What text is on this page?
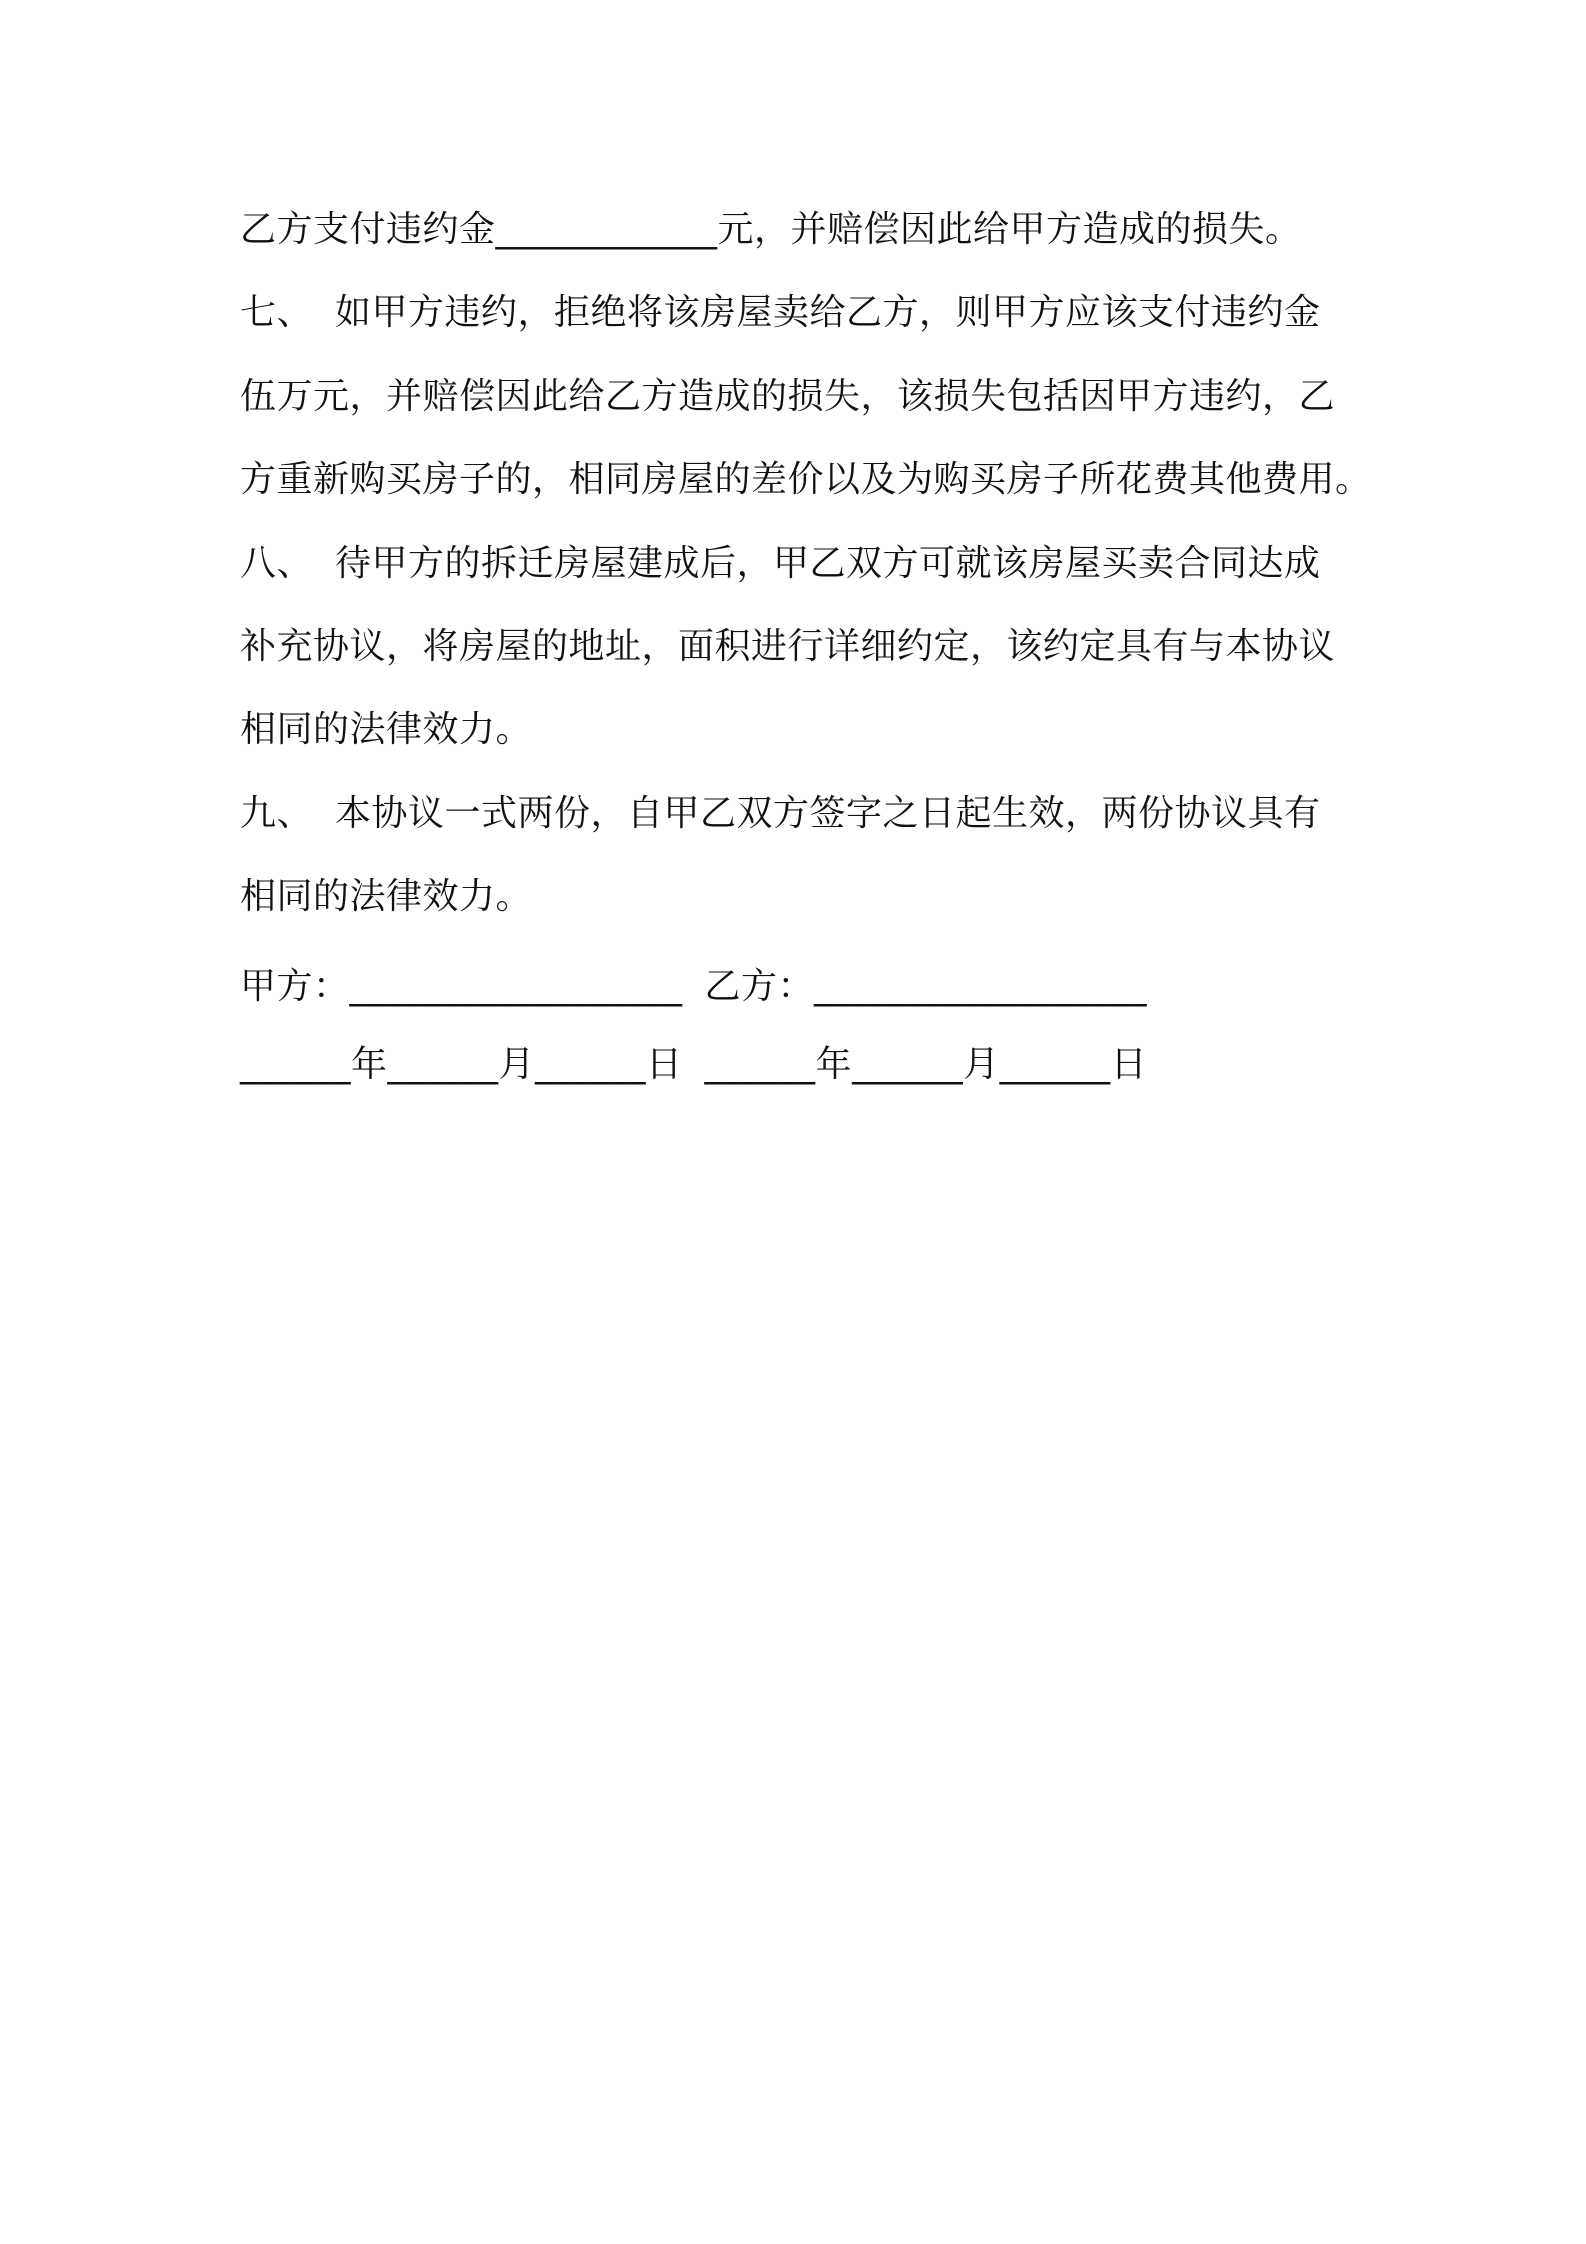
乙方支付违约金____________元，并赔偿因此给甲方造成的损失。
七、 如甲方违约，拒绝将该房屋卖给乙方，则甲方应该支付违约金
伍万元，并赔偿因此给乙方造成的损失，该损失包括因甲方违约，乙
方重新购买房子的，相同房屋的差价以及为购买房子所花费其他费用。
八、 待甲方的拆迁房屋建成后，甲乙双方可就该房屋买卖合同达成
补充协议，将房屋的地址，面积进行详细约定，该约定具有与本协议
相同的法律效力。
九、 本协议一式两份，自甲乙双方签字之日起生效，两份协议具有
相同的法律效力。
甲方：__________________ 乙方：__________________
______年______月______日 ______年______月______日
